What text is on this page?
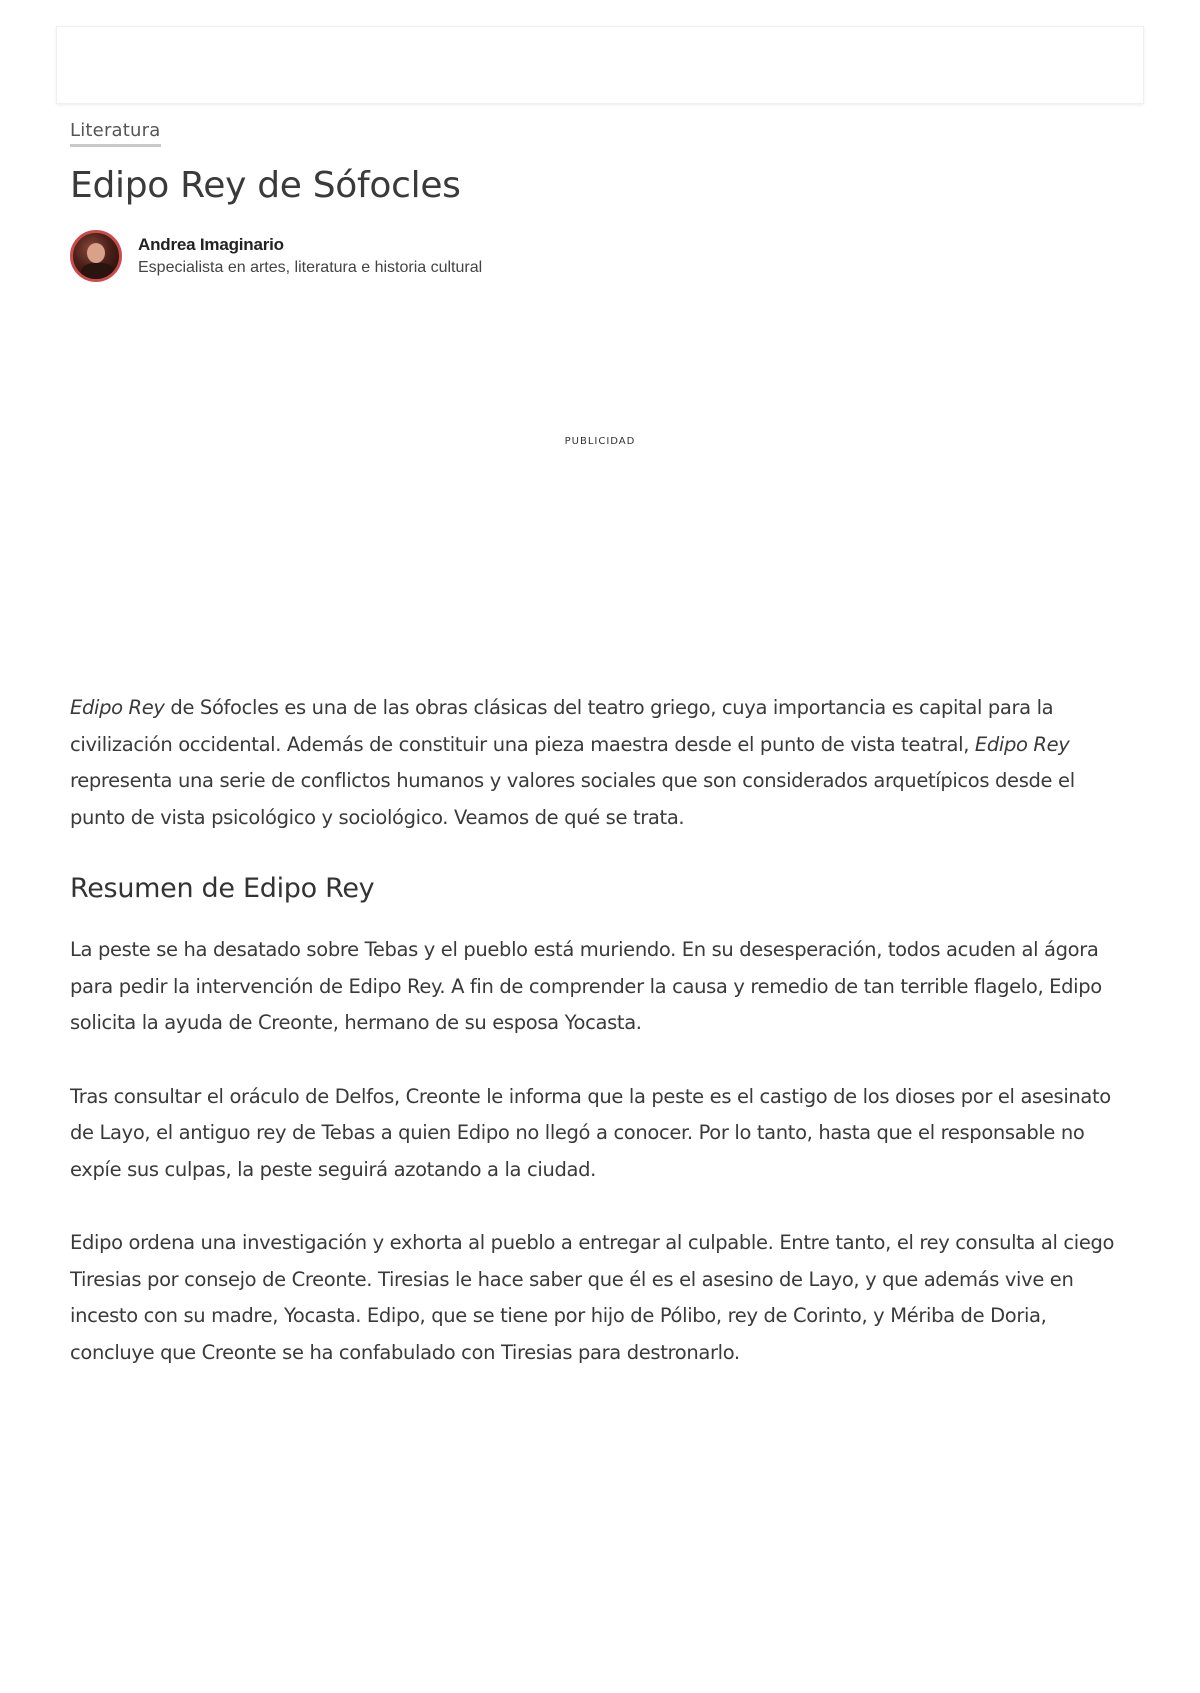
Literatura
Edipo Rey de Sófocles
Andrea Imaginario
Especialista en artes, literatura e historia cultural
PUBLICIDAD

Edipo Rey de Sófocles es una de las obras clásicas del teatro griego, cuya importancia es capital para la civilización occidental. Además de constituir una pieza maestra desde el punto de vista teatral, Edipo Rey representa una serie de conflictos humanos y valores sociales que son considerados arquetípicos desde el punto de vista psicológico y sociológico. Veamos de qué se trata.

Resumen de Edipo Rey

La peste se ha desatado sobre Tebas y el pueblo está muriendo. En su desesperación, todos acuden al ágora para pedir la intervención de Edipo Rey. A fin de comprender la causa y remedio de tan terrible flagelo, Edipo solicita la ayuda de Creonte, hermano de su esposa Yocasta.

Tras consultar el oráculo de Delfos, Creonte le informa que la peste es el castigo de los dioses por el asesinato de Layo, el antiguo rey de Tebas a quien Edipo no llegó a conocer. Por lo tanto, hasta que el responsable no expíe sus culpas, la peste seguirá azotando a la ciudad.

Edipo ordena una investigación y exhorta al pueblo a entregar al culpable. Entre tanto, el rey consulta al ciego Tiresias por consejo de Creonte. Tiresias le hace saber que él es el asesino de Layo, y que además vive en incesto con su madre, Yocasta. Edipo, que se tiene por hijo de Pólibo, rey de Corinto, y Mériba de Doria, concluye que Creonte se ha confabulado con Tiresias para destronarlo.
